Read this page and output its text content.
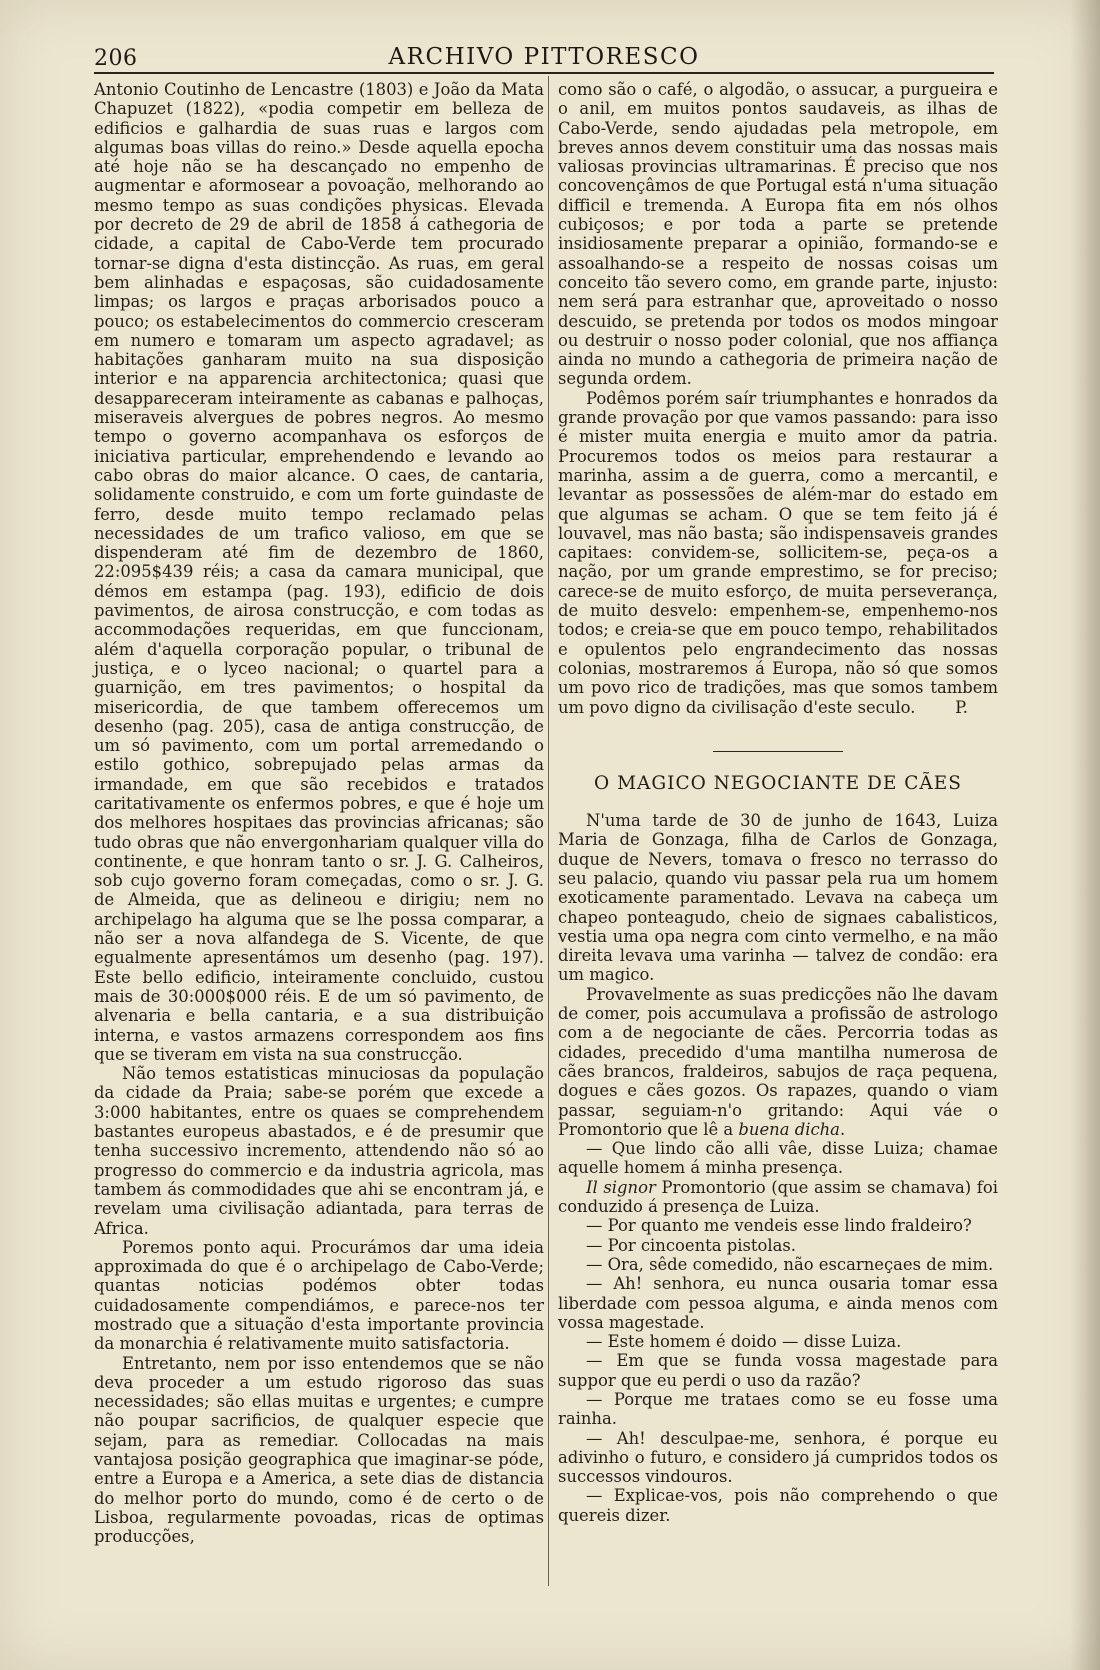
206	ARCHIVO PITTORESCO

Antonio Coutinho de Lencastre (1803) e João da Mata Chapuzet (1822), «podia competir em belleza de edificios e galhardia de suas ruas e largos com algumas boas villas do reino.» Desde aquella epocha até hoje não se ha descançado no empenho de augmentar e aformosear a povoação, melhorando ao mesmo tempo as suas condições physicas. Elevada por decreto de 29 de abril de 1858 á cathegoria de cidade, a capital de Cabo-Verde tem procurado tornar-se digna d'esta distincção. As ruas, em geral bem alinhadas e espaçosas, são cuidadosamente limpas; os largos e praças arborisados pouco a pouco; os estabelecimentos do commercio cresceram em numero e tomaram um aspecto agradavel; as habitações ganharam muito na sua disposição interior e na apparencia architectonica; quasi que desappareceram inteiramente as cabanas e palhoças, miseraveis alvergues de pobres negros. Ao mesmo tempo o governo acompanhava os esforços de iniciativa particular, emprehendendo e levando ao cabo obras do maior alcance. O caes, de cantaria, solidamente construido, e com um forte guindaste de ferro, desde muito tempo reclamado pelas necessidades de um trafico valioso, em que se dispenderam até fim de dezembro de 1860, 22:095$439 réis; a casa da camara municipal, que démos em estampa (pag. 193), edificio de dois pavimentos, de airosa construcção, e com todas as accommodações requeridas, em que funccionam, além d'aquella corporação popular, o tribunal de justiça, e o lyceo nacional; o quartel para a guarnição, em tres pavimentos; o hospital da misericordia, de que tambem offerecemos um desenho (pag. 205), casa de antiga construcção, de um só pavimento, com um portal arremedando o estilo gothico, sobrepujado pelas armas da irmandade, em que são recebidos e tratados caritativamente os enfermos pobres, e que é hoje um dos melhores hospitaes das provincias africanas; são tudo obras que não envergonhariam qualquer villa do continente, e que honram tanto o sr. J. G. Calheiros, sob cujo governo foram começadas, como o sr. J. G. de Almeida, que as delineou e dirigiu; nem no archipelago ha alguma que se lhe possa comparar, a não ser a nova alfandega de S. Vicente, de que egualmente apresentámos um desenho (pag. 197). Este bello edificio, inteiramente concluido, custou mais de 30:000$000 réis. E de um só pavimento, de alvenaria e bella cantaria, e a sua distribuição interna, e vastos armazens correspondem aos fins que se tiveram em vista na sua construcção.

Não temos estatisticas minuciosas da população da cidade da Praia; sabe-se porém que excede a 3:000 habitantes, entre os quaes se comprehendem bastantes europeus abastados, e é de presumir que tenha successivo incremento, attendendo não só ao progresso do commercio e da industria agricola, mas tambem ás commodidades que ahi se encontram já, e revelam uma civilisação adiantada, para terras de Africa.

Poremos ponto aqui. Procurámos dar uma ideia approximada do que é o archipelago de Cabo-Verde; quantas noticias podémos obter todas cuidadosamente compendiámos, e parece-nos ter mostrado que a situação d'esta importante provincia da monarchia é relativamente muito satisfactoria.

Entretanto, nem por isso entendemos que se não deva proceder a um estudo rigoroso das suas necessidades; são ellas muitas e urgentes; e cumpre não poupar sacrificios, de qualquer especie que sejam, para as remediar. Collocadas na mais vantajosa posição geographica que imaginar-se póde, entre a Europa e a America, a sete dias de distancia do melhor porto do mundo, como é de certo o de Lisboa, regularmente povoadas, ricas de optimas producções,

como são o café, o algodão, o assucar, a purgueira e o anil, em muitos pontos saudaveis, as ilhas de Cabo-Verde, sendo ajudadas pela metropole, em breves annos devem constituir uma das nossas mais valiosas provincias ultramarinas. É preciso que nos concovençâmos de que Portugal está n'uma situação difficil e tremenda. A Europa fita em nós olhos cubiçosos; e por toda a parte se pretende insidiosamente preparar a opinião, formando-se e assoalhando-se a respeito de nossas coisas um conceito tão severo como, em grande parte, injusto: nem será para estranhar que, aproveitado o nosso descuido, se pretenda por todos os modos mingoar ou destruir o nosso poder colonial, que nos affiança ainda no mundo a cathegoria de primeira nação de segunda ordem.

Podêmos porém saír triumphantes e honrados da grande provação por que vamos passando: para isso é mister muita energia e muito amor da patria. Procuremos todos os meios para restaurar a marinha, assim a de guerra, como a mercantil, e levantar as possessões de além-mar do estado em que algumas se acham. O que se tem feito já é louvavel, mas não basta; são indispensaveis grandes capitaes: convidem-se, sollicitem-se, peça-os a nação, por um grande emprestimo, se for preciso; carece-se de muito esforço, de muita perseverança, de muito desvelo: empenhem-se, empenhemo-nos todos; e creia-se que em pouco tempo, rehabilitados e opulentos pelo engrandecimento das nossas colonias, mostraremos á Europa, não só que somos um povo rico de tradições, mas que somos tambem um povo digno da civilisação d'este seculo.	P.
O MAGICO NEGOCIANTE DE CÃES

N'uma tarde de 30 de junho de 1643, Luiza Maria de Gonzaga, filha de Carlos de Gonzaga, duque de Nevers, tomava o fresco no terrasso do seu palacio, quando viu passar pela rua um homem exoticamente paramentado. Levava na cabeça um chapeo ponteagudo, cheio de signaes cabalisticos, vestia uma opa negra com cinto vermelho, e na mão direita levava uma varinha — talvez de condão: era um magico.

Provavelmente as suas predicções não lhe davam de comer, pois accumulava a profissão de astrologo com a de negociante de cães. Percorria todas as cidades, precedido d'uma mantilha numerosa de cães brancos, fraldeiros, sabujos de raça pequena, dogues e cães gozos. Os rapazes, quando o viam passar, seguiam-n'o gritando: Aqui váe o Promontorio que lê a buena dicha.

— Que lindo cão alli vâe, disse Luiza; chamae aquelle homem á minha presença.

Il signor Promontorio (que assim se chamava) foi conduzido á presença de Luiza.

— Por quanto me vendeis esse lindo fraldeiro?

— Por cincoenta pistolas.

— Ora, sêde comedido, não escarneçaes de mim.

— Ah! senhora, eu nunca ousaria tomar essa liberdade com pessoa alguma, e ainda menos com vossa magestade.

— Este homem é doido — disse Luiza.

— Em que se funda vossa magestade para suppor que eu perdi o uso da razão?

— Porque me trataes como se eu fosse uma rainha.

— Ah! desculpae-me, senhora, é porque eu adivinho o futuro, e considero já cumpridos todos os successos vindouros.

— Explicae-vos, pois não comprehendo o que quereis dizer.
